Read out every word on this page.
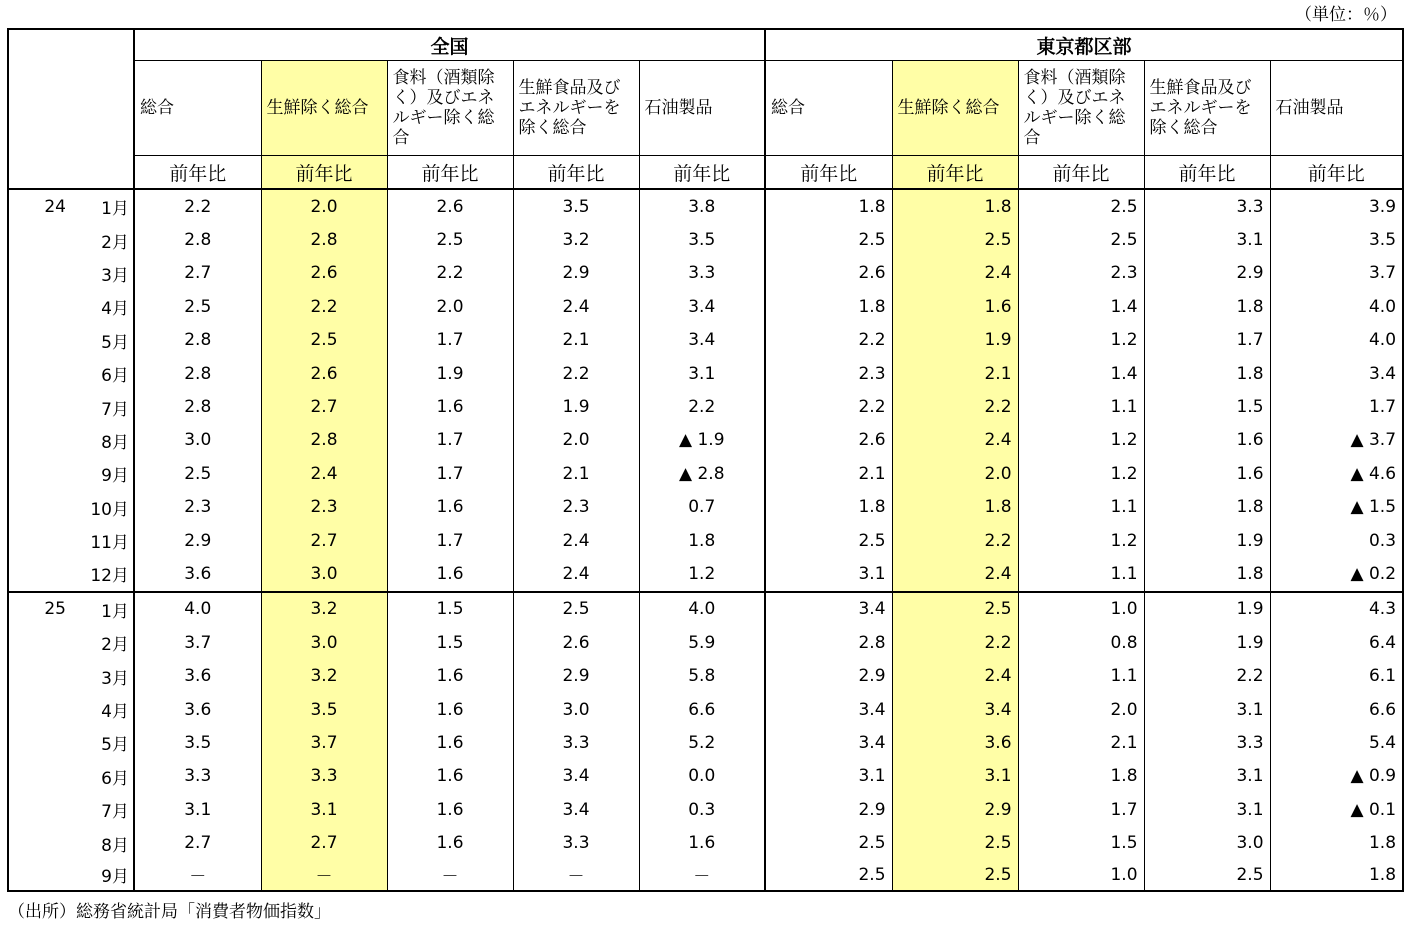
（単位：％）
		全国					東京都区部				
		総合	生鮮除く総合	食料（酒類除く）及びエネルギー除く総合	生鮮食品及びエネルギーを除く総合	石油製品	総合	生鮮除く総合	食料（酒類除く）及びエネルギー除く総合	生鮮食品及びエネルギーを除く総合	石油製品
		前年比	前年比	前年比	前年比	前年比	前年比	前年比	前年比	前年比	前年比
24	1月	2.2	2.0	2.6	3.5	3.8	1.8	1.8	2.5	3.3	3.9
	2月	2.8	2.8	2.5	3.2	3.5	2.5	2.5	2.5	3.1	3.5
	3月	2.7	2.6	2.2	2.9	3.3	2.6	2.4	2.3	2.9	3.7
	4月	2.5	2.2	2.0	2.4	3.4	1.8	1.6	1.4	1.8	4.0
	5月	2.8	2.5	1.7	2.1	3.4	2.2	1.9	1.2	1.7	4.0
	6月	2.8	2.6	1.9	2.2	3.1	2.3	2.1	1.4	1.8	3.4
	7月	2.8	2.7	1.6	1.9	2.2	2.2	2.2	1.1	1.5	1.7
	8月	3.0	2.8	1.7	2.0	▲ 1.9	2.6	2.4	1.2	1.6	▲ 3.7
	9月	2.5	2.4	1.7	2.1	▲ 2.8	2.1	2.0	1.2	1.6	▲ 4.6
	10月	2.3	2.3	1.6	2.3	0.7	1.8	1.8	1.1	1.8	▲ 1.5
	11月	2.9	2.7	1.7	2.4	1.8	2.5	2.2	1.2	1.9	0.3
	12月	3.6	3.0	1.6	2.4	1.2	3.1	2.4	1.1	1.8	▲ 0.2
25	1月	4.0	3.2	1.5	2.5	4.0	3.4	2.5	1.0	1.9	4.3
	2月	3.7	3.0	1.5	2.6	5.9	2.8	2.2	0.8	1.9	6.4
	3月	3.6	3.2	1.6	2.9	5.8	2.9	2.4	1.1	2.2	6.1
	4月	3.6	3.5	1.6	3.0	6.6	3.4	3.4	2.0	3.1	6.6
	5月	3.5	3.7	1.6	3.3	5.2	3.4	3.6	2.1	3.3	5.4
	6月	3.3	3.3	1.6	3.4	0.0	3.1	3.1	1.8	3.1	▲ 0.9
	7月	3.1	3.1	1.6	3.4	0.3	2.9	2.9	1.7	3.1	▲ 0.1
	8月	2.7	2.7	1.6	3.3	1.6	2.5	2.5	1.5	3.0	1.8
	9月	－	－	－	－	－	2.5	2.5	1.0	2.5	1.8
（出所）総務省統計局「消費者物価指数」
